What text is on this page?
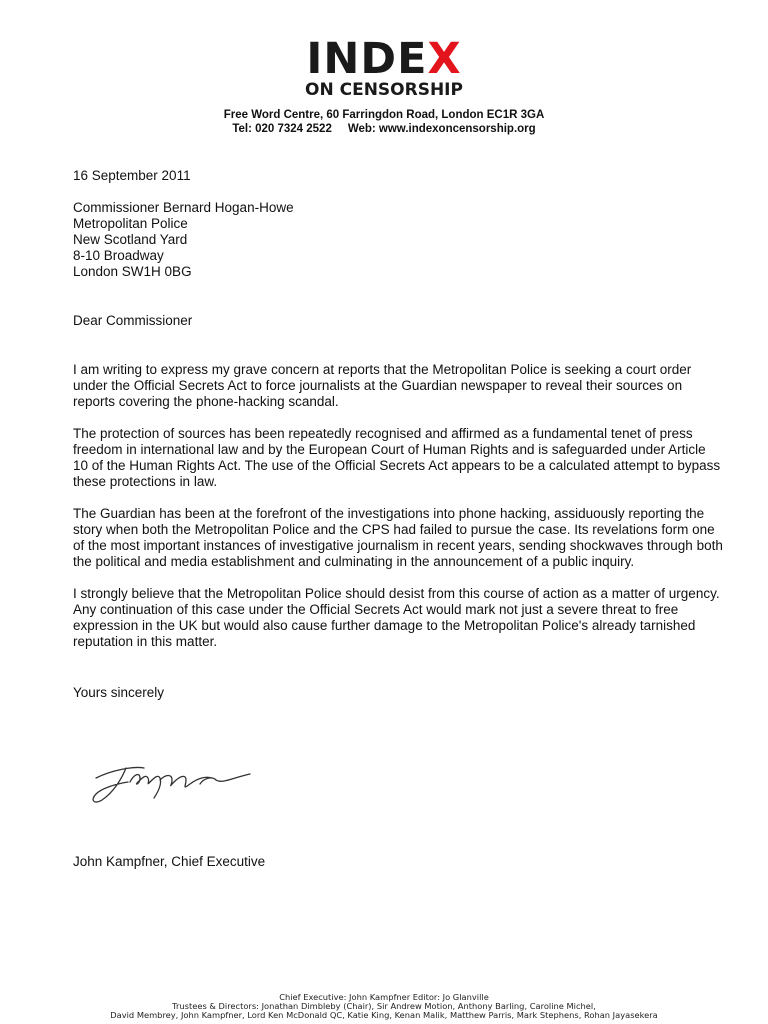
INDEX
ON CENSORSHIP
Free Word Centre, 60 Farringdon Road, London EC1R 3GA
Tel: 020 7324 2522     Web: www.indexoncensorship.org
16 September 2011
Commissioner Bernard Hogan-Howe
Metropolitan Police
New Scotland Yard
8-10 Broadway
London SW1H 0BG
Dear Commissioner

I am writing to express my grave concern at reports that the Metropolitan Police is seeking a court order under the Official Secrets Act to force journalists at the Guardian newspaper to reveal their sources on reports covering the phone-hacking scandal.

The protection of sources has been repeatedly recognised and affirmed as a fundamental tenet of press freedom in international law and by the European Court of Human Rights and is safeguarded under Article 10 of the Human Rights Act. The use of the Official Secrets Act appears to be a calculated attempt to bypass these protections in law.

The Guardian has been at the forefront of the investigations into phone hacking, assiduously reporting the story when both the Metropolitan Police and the CPS had failed to pursue the case. Its revelations form one of the most important instances of investigative journalism in recent years, sending shockwaves through both the political and media establishment and culminating in the announcement of a public inquiry.

I strongly believe that the Metropolitan Police should desist from this course of action as a matter of urgency. Any continuation of this case under the Official Secrets Act would mark not just a severe threat to free expression in the UK but would also cause further damage to the Metropolitan Police's already tarnished reputation in this matter.

Yours sincerely
John Kampfner, Chief Executive
Chief Executive: John Kampfner Editor: Jo Glanville
Trustees & Directors: Jonathan Dimbleby (Chair), Sir Andrew Motion, Anthony Barling, Caroline Michel,
David Membrey, John Kampfner, Lord Ken McDonald QC, Katie King, Kenan Malik, Matthew Parris, Mark Stephens, Rohan Jayasekera
